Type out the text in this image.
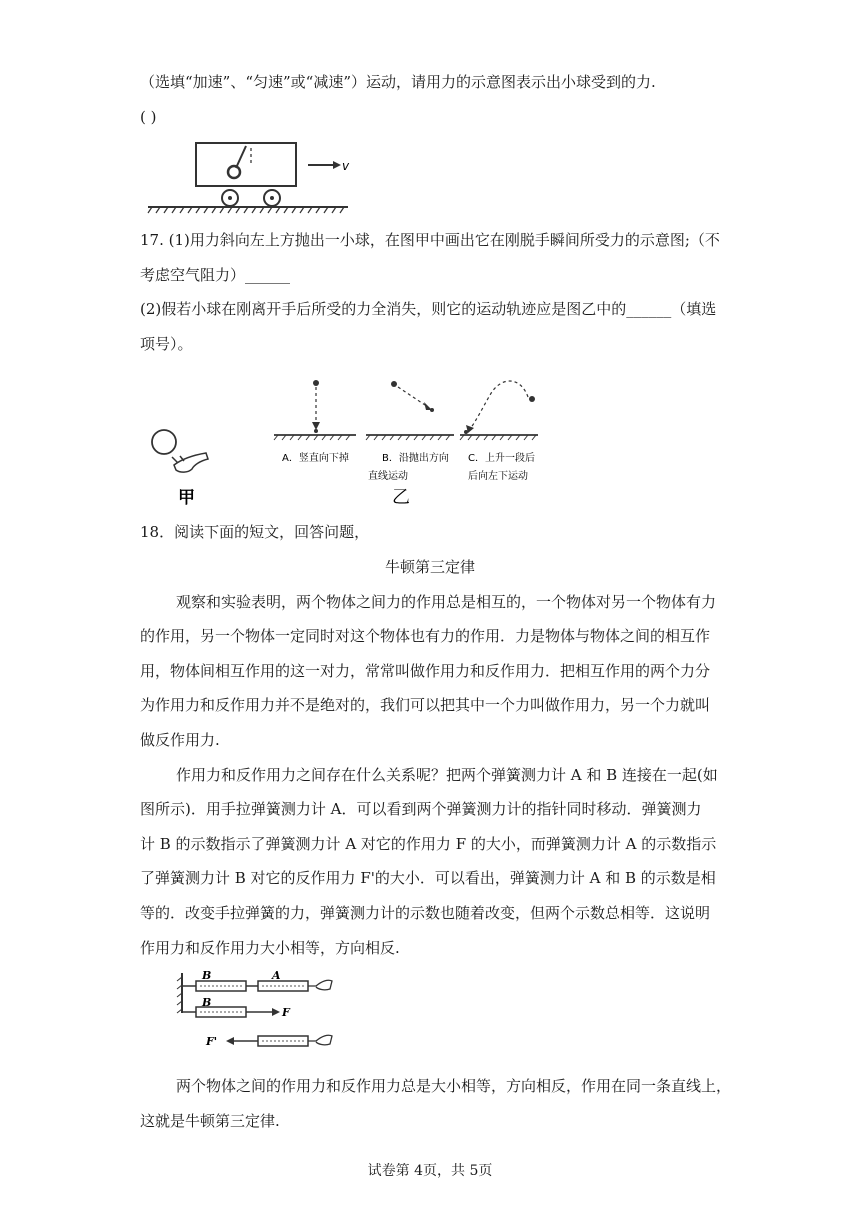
（选填“加速”、“匀速”或“减速”）运动，请用力的示意图表示出小球受到的力.
( )
v
17. (1)用力斜向左上方抛出一小球，在图甲中画出它在刚脱手瞬间所受力的示意图;（不
考虑空气阻力）______
(2)假若小球在刚离开手后所受的力全消失，则它的运动轨迹应是图乙中的______（填选
项号）。
甲
A．竖直向下掉	B．沿抛出方向
直线运动
C．上升一段后
后向左下运动
乙
18．阅读下面的短文，回答问题，
牛顿第三定律
观察和实验表明，两个物体之间力的作用总是相互的，一个物体对另一个物体有力
的作用，另一个物体一定同时对这个物体也有力的作用．力是物体与物体之间的相互作
用，物体间相互作用的这一对力，常常叫做作用力和反作用力．把相互作用的两个力分
为作用力和反作用力并不是绝对的，我们可以把其中一个力叫做作用力，另一个力就叫
做反作用力.
作用力和反作用力之间存在什么关系呢？把两个弹簧测力计 A 和 B 连接在一起(如
图所示)．用手拉弹簧测力计 A．可以看到两个弹簧测力计的指针同时移动．弹簧测力
计 B 的示数指示了弹簧测力计 A 对它的作用力 F 的大小，而弹簧测力计 A 的示数指示
了弹簧测力计 B 对它的反作用力 F'的大小．可以看出，弹簧测力计 A 和 B 的示数是相
等的．改变手拉弹簧的力，弹簧测力计的示数也随着改变，但两个示数总相等．这说明
作用力和反作用力大小相等，方向相反.
B	A
B
F
F'
两个物体之间的作用力和反作用力总是大小相等，方向相反，作用在同一条直线上，
这就是牛顿第三定律.
试卷第 4页，共 5页
